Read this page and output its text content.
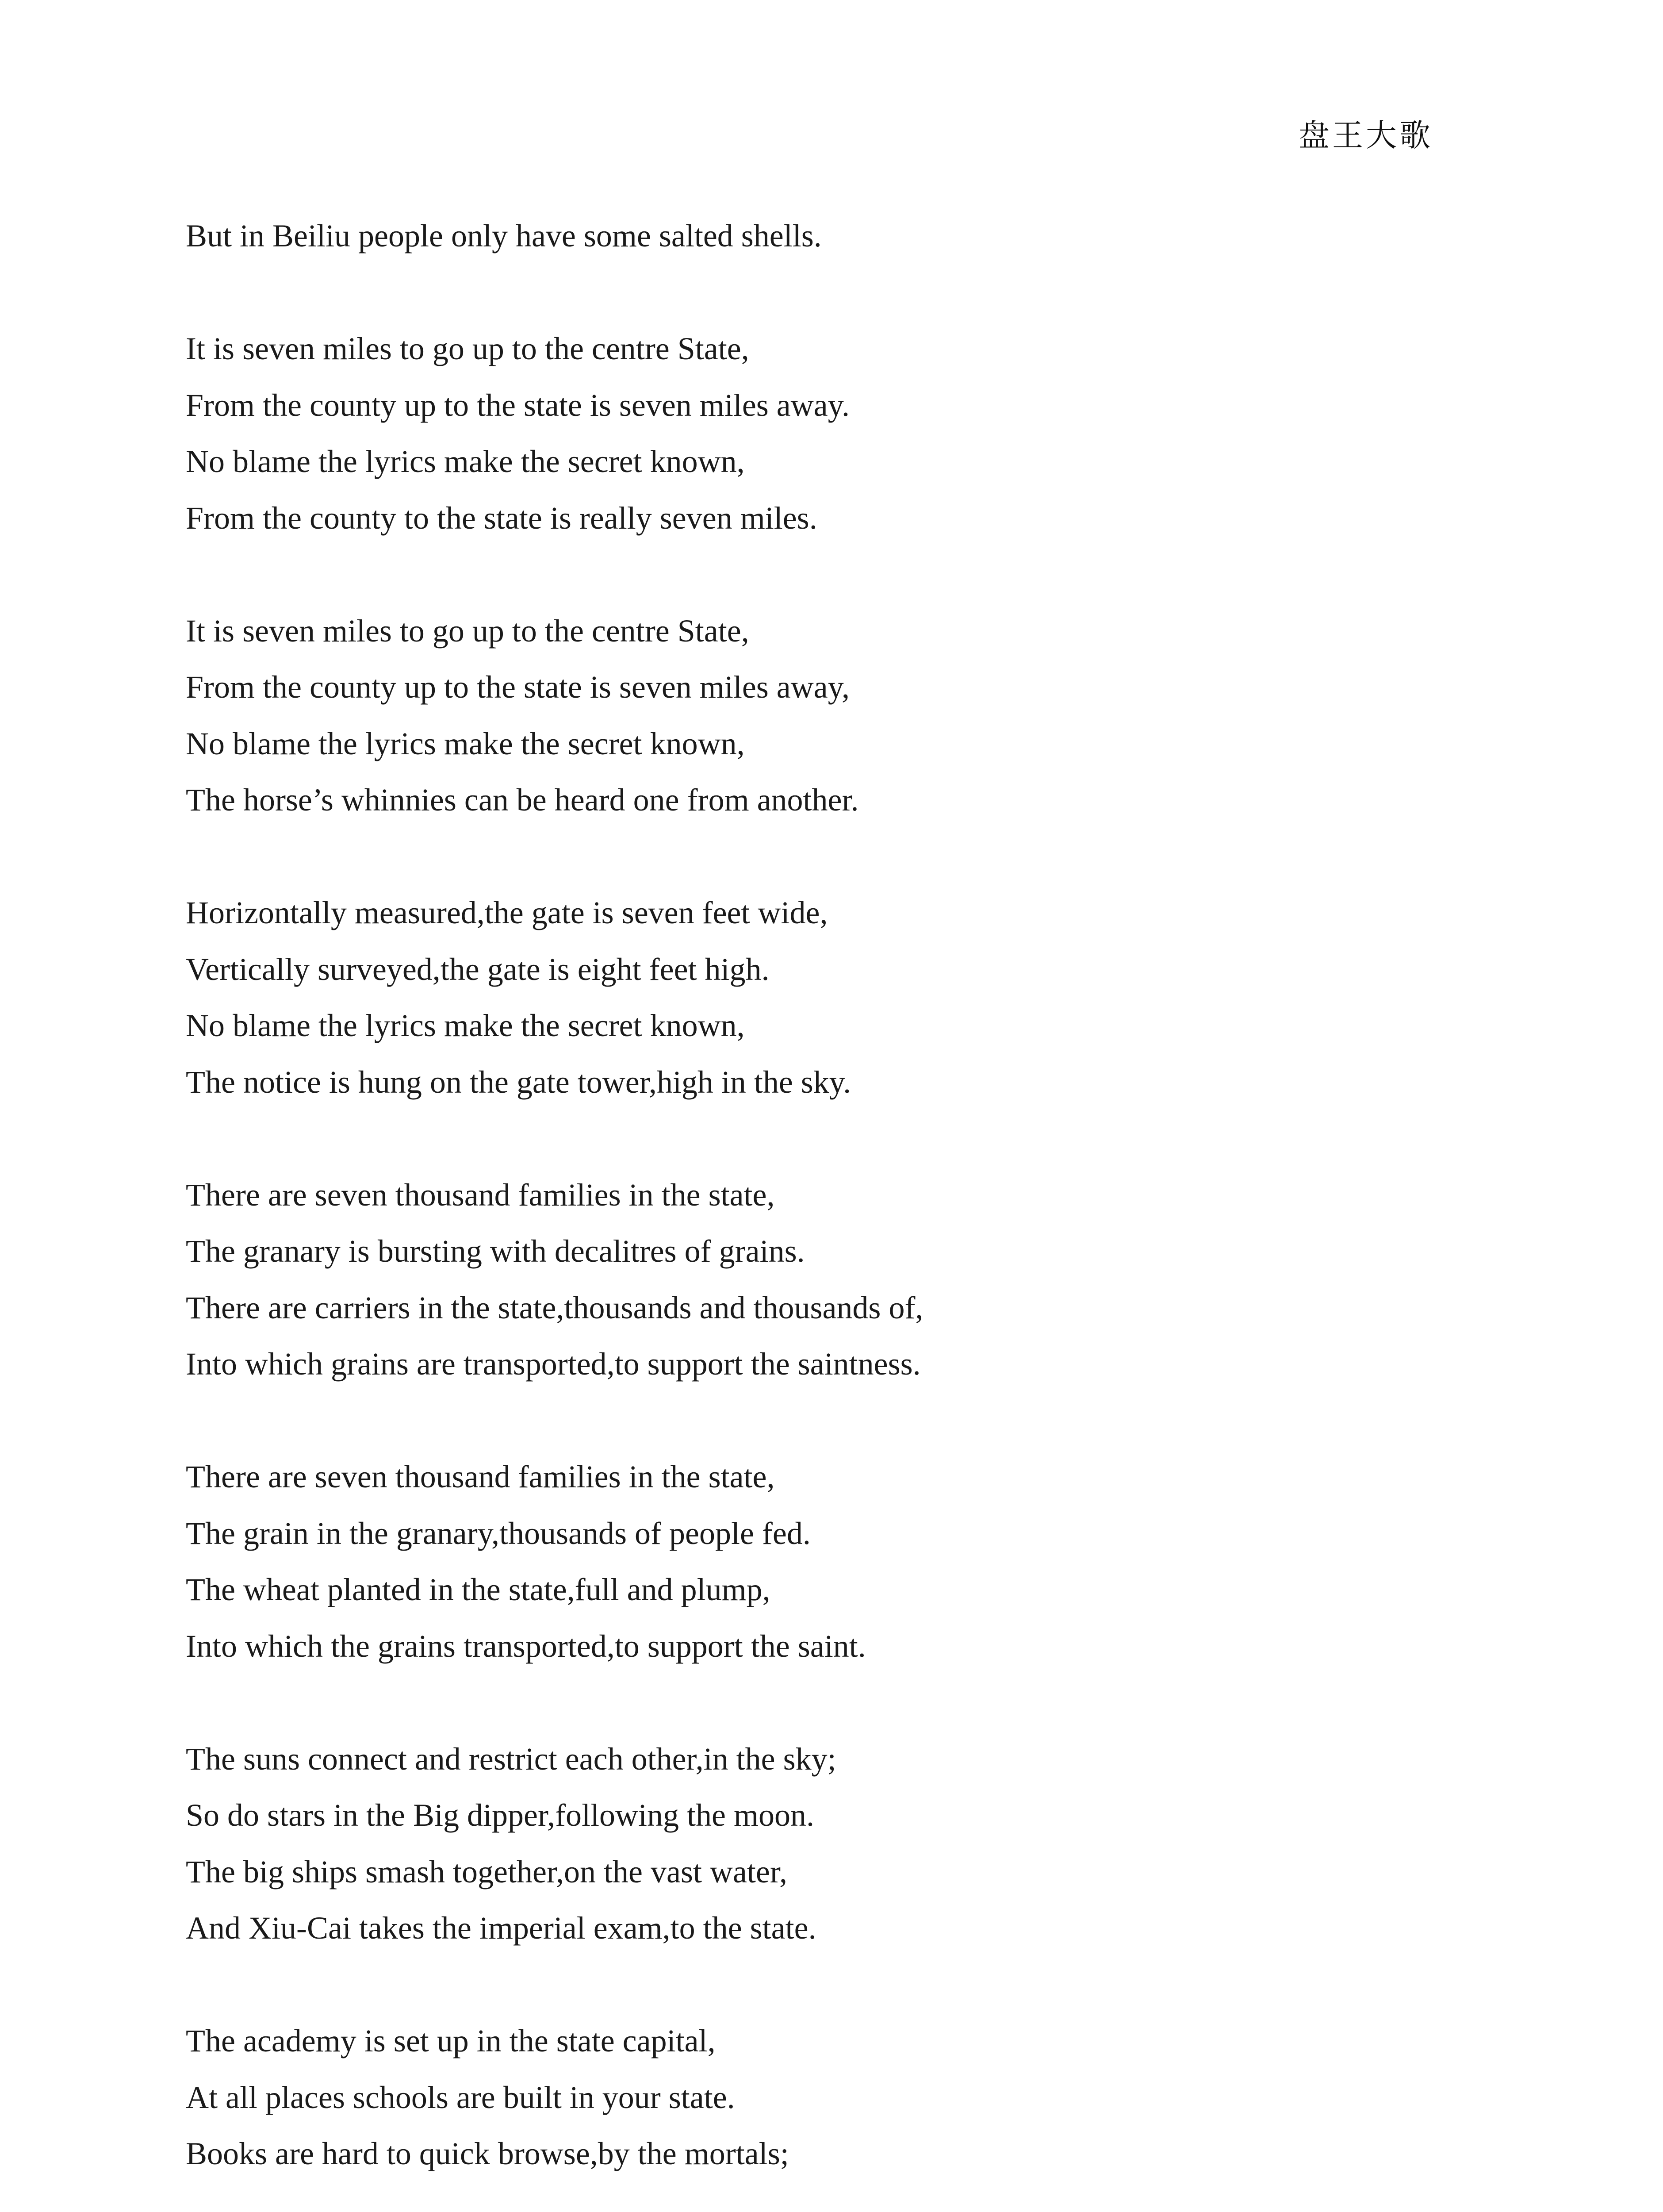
盘王大歌
But in Beiliu people only have some salted shells.
It is seven miles to go up to the centre State,
From the county up to the state is seven miles away.
No blame the lyrics make the secret known,
From the county to the state is really seven miles.
It is seven miles to go up to the centre State,
From the county up to the state is seven miles away,
No blame the lyrics make the secret known,
The horse’s whinnies can be heard one from another.
Horizontally measured,the gate is seven feet wide,
Vertically surveyed,the gate is eight feet high.
No blame the lyrics make the secret known,
The notice is hung on the gate tower,high in the sky.
There are seven thousand families in the state,
The granary is bursting with decalitres of grains.
There are carriers in the state,thousands and thousands of,
Into which grains are transported,to support the saintness.
There are seven thousand families in the state,
The grain in the granary,thousands of people fed.
The wheat planted in the state,full and plump,
Into which the grains transported,to support the saint.
The suns connect and restrict each other,in the sky;
So do stars in the Big dipper,following the moon.
The big ships smash together,on the vast water,
And Xiu-Cai takes the imperial exam,to the state.
The academy is set up in the state capital,
At all places schools are built in your state.
Books are hard to quick browse,by the mortals;
